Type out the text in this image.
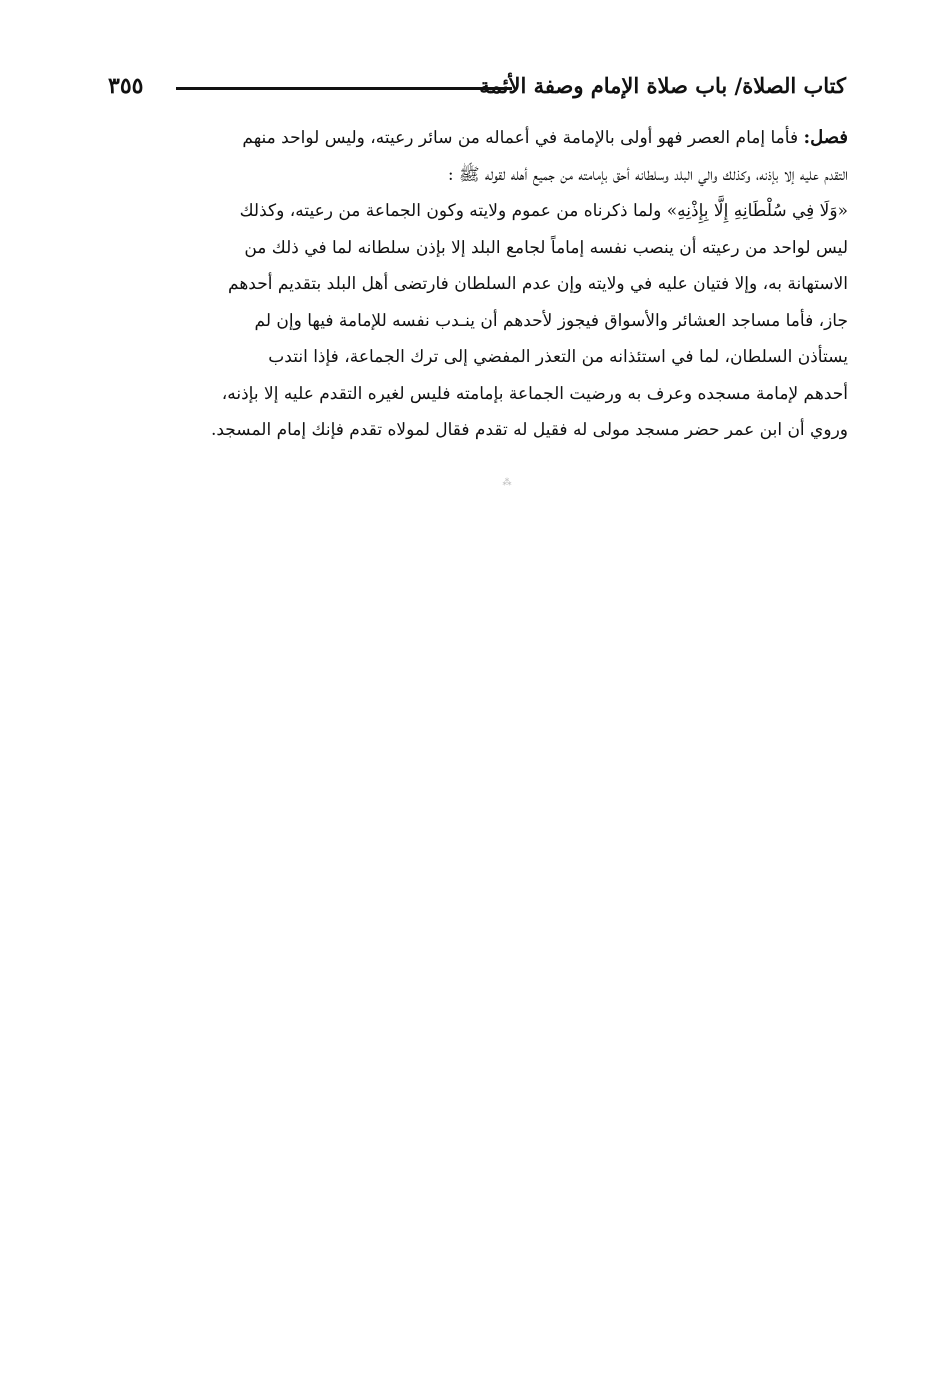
كتاب الصلاة/ باب صلاة الإمام وصفة الأئمة
٣٥٥
فصل: فأما إمام العصر فهو أولى بالإمامة في أعماله من سائر رعيته، وليس لواحد منهم
التقدم عليه إلا بإذنه، وكذلك والي البلد وسلطانه أحق بإمامته من جميع أهله لقوله ﷺ :
«وَلَا فِي سُلْطَانِهِ إِلَّا بِإِذْنِهِ» ولما ذكرناه من عموم ولايته وكون الجماعة من رعيته، وكذلك
ليس لواحد من رعيته أن ينصب نفسه إماماً لجامع البلد إلا بإذن سلطانه لما في ذلك من
الاستهانة به، وإلا فتيان عليه في ولايته وإن عدم السلطان فارتضى أهل البلد بتقديم أحدهم
جاز، فأما مساجد العشائر والأسواق فيجوز لأحدهم أن ينـدب نفسه للإمامة فيها وإن لم
يستأذن السلطان، لما في استئذانه من التعذر المفضي إلى ترك الجماعة، فإذا انتدب
أحدهم لإمامة مسجده وعرف به ورضيت الجماعة بإمامته فليس لغيره التقدم عليه إلا بإذنه،
وروي أن ابن عمر حضر مسجد مولى له فقيل له تقدم فقال لمولاه تقدم فإنك إمام المسجد.
⁂
